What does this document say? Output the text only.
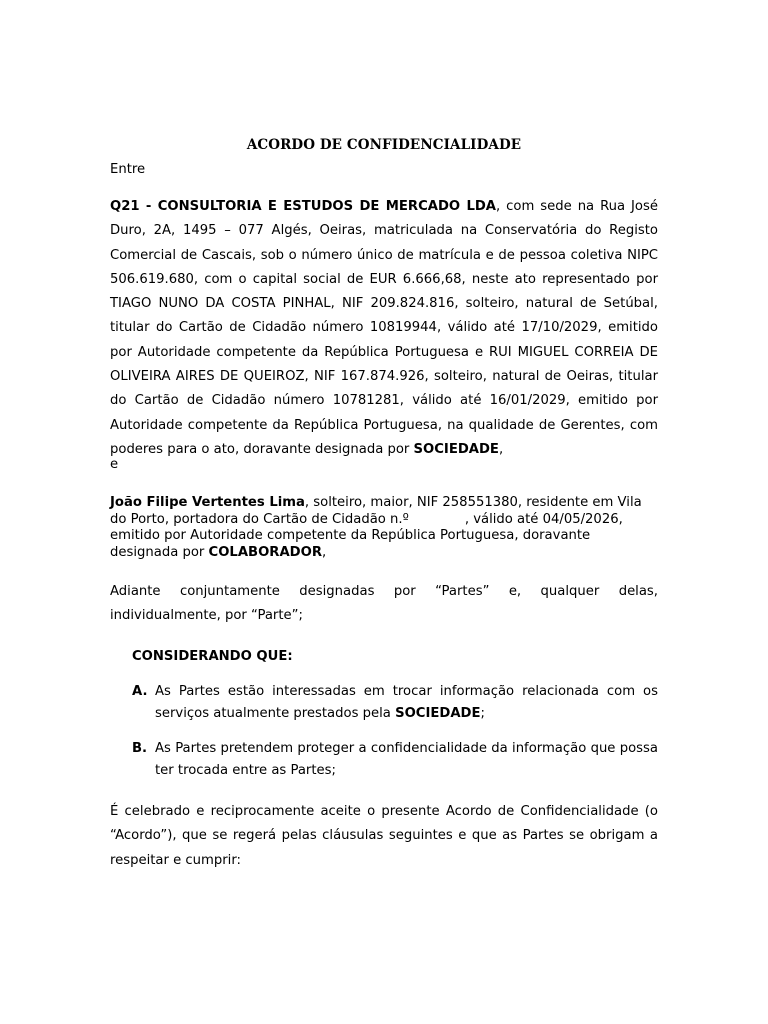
ACORDO DE CONFIDENCIALIDADE

Entre

Q21 - CONSULTORIA E ESTUDOS DE MERCADO LDA, com sede na Rua José Duro, 2A, 1495 – 077 Algés, Oeiras, matriculada na Conservatória do Registo Comercial de Cascais, sob o número único de matrícula e de pessoa coletiva NIPC 506.619.680, com o capital social de EUR 6.666,68, neste ato representado por TIAGO NUNO DA COSTA PINHAL, NIF 209.824.816, solteiro, natural de Setúbal, titular do Cartão de Cidadão número 10819944, válido até 17/10/2029, emitido por Autoridade competente da República Portuguesa e RUI MIGUEL CORREIA DE OLIVEIRA AIRES DE QUEIROZ, NIF 167.874.926, solteiro, natural de Oeiras, titular do Cartão de Cidadão número 10781281, válido até 16/01/2029, emitido por Autoridade competente da República Portuguesa, na qualidade de Gerentes, com poderes para o ato, doravante designada por SOCIEDADE,

e

João Filipe Vertentes Lima, solteiro, maior, NIF 258551380, residente em Vila do Porto, portadora do Cartão de Cidadão n.º	, válido até 04/05/2026, emitido por Autoridade competente da República Portuguesa, doravante designada por COLABORADOR,

Adiante conjuntamente designadas por “Partes” e, qualquer delas, individualmente, por “Parte”;

CONSIDERANDO QUE:

A. As Partes estão interessadas em trocar informação relacionada com os serviços atualmente prestados pela SOCIEDADE;
B. As Partes pretendem proteger a confidencialidade da informação que possa ter trocada entre as Partes;

É celebrado e reciprocamente aceite o presente Acordo de Confidencialidade (o “Acordo”), que se regerá pelas cláusulas seguintes e que as Partes se obrigam a respeitar e cumprir:
